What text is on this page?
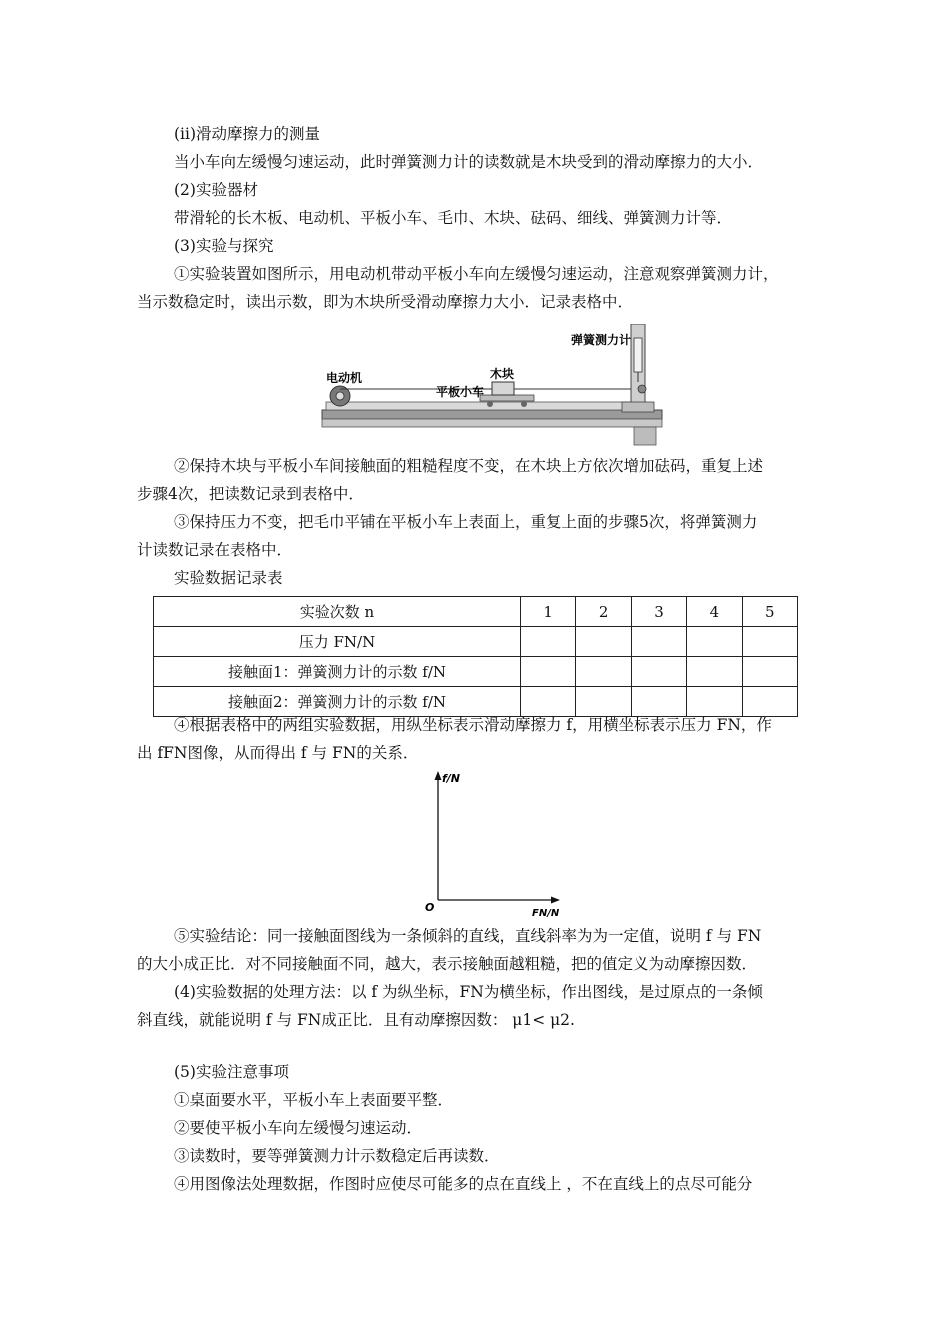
(ⅱ)滑动摩擦力的测量
当小车向左缓慢匀速运动，此时弹簧测力计的读数就是木块受到的滑动摩擦力的大小．
(2)实验器材
带滑轮的长木板、电动机、平板小车、毛巾、木块、砝码、细线、弹簧测力计等．
(3)实验与探究
①实验装置如图所示，用电动机带动平板小车向左缓慢匀速运动，注意观察弹簧测力计，
当示数稳定时，读出示数，即为木块所受滑动摩擦力大小．记录表格中．
弹簧测力计
电动机	木块
平板小车
②保持木块与平板小车间接触面的粗糙程度不变，在木块上方依次增加砝码，重复上述
步骤4次，把读数记录到表格中．
③保持压力不变，把毛巾平铺在平板小车上表面上，重复上面的步骤5次，将弹簧测力
计读数记录在表格中．
实验数据记录表
实验次数 n	1	2	3	4	5
压力 FN/N					
接触面1：弹簧测力计的示数 f/N					
接触面2：弹簧测力计的示数 f/N					
④根据表格中的两组实验数据，用纵坐标表示滑动摩擦力 f，用横坐标表示压力 FN，作
出 fFN图像，从而得出 f 与 FN的关系．
f/N
O	FN/N
⑤实验结论：同一接触面图线为一条倾斜的直线，直线斜率为为一定值，说明 f 与 FN
的大小成正比．对不同接触面不同，越大，表示接触面越粗糙，把的值定义为动摩擦因数．
(4)实验数据的处理方法：以 f 为纵坐标，FN为横坐标，作出图线，是过原点的一条倾
斜直线，就能说明 f 与 FN成正比．且有动摩擦因数： μ1< μ2.
(5)实验注意事项
①桌面要水平，平板小车上表面要平整．
②要使平板小车向左缓慢匀速运动．
③读数时，要等弹簧测力计示数稳定后再读数．
④用图像法处理数据，作图时应使尽可能多的点在直线上 ，不在直线上的点尽可能分
